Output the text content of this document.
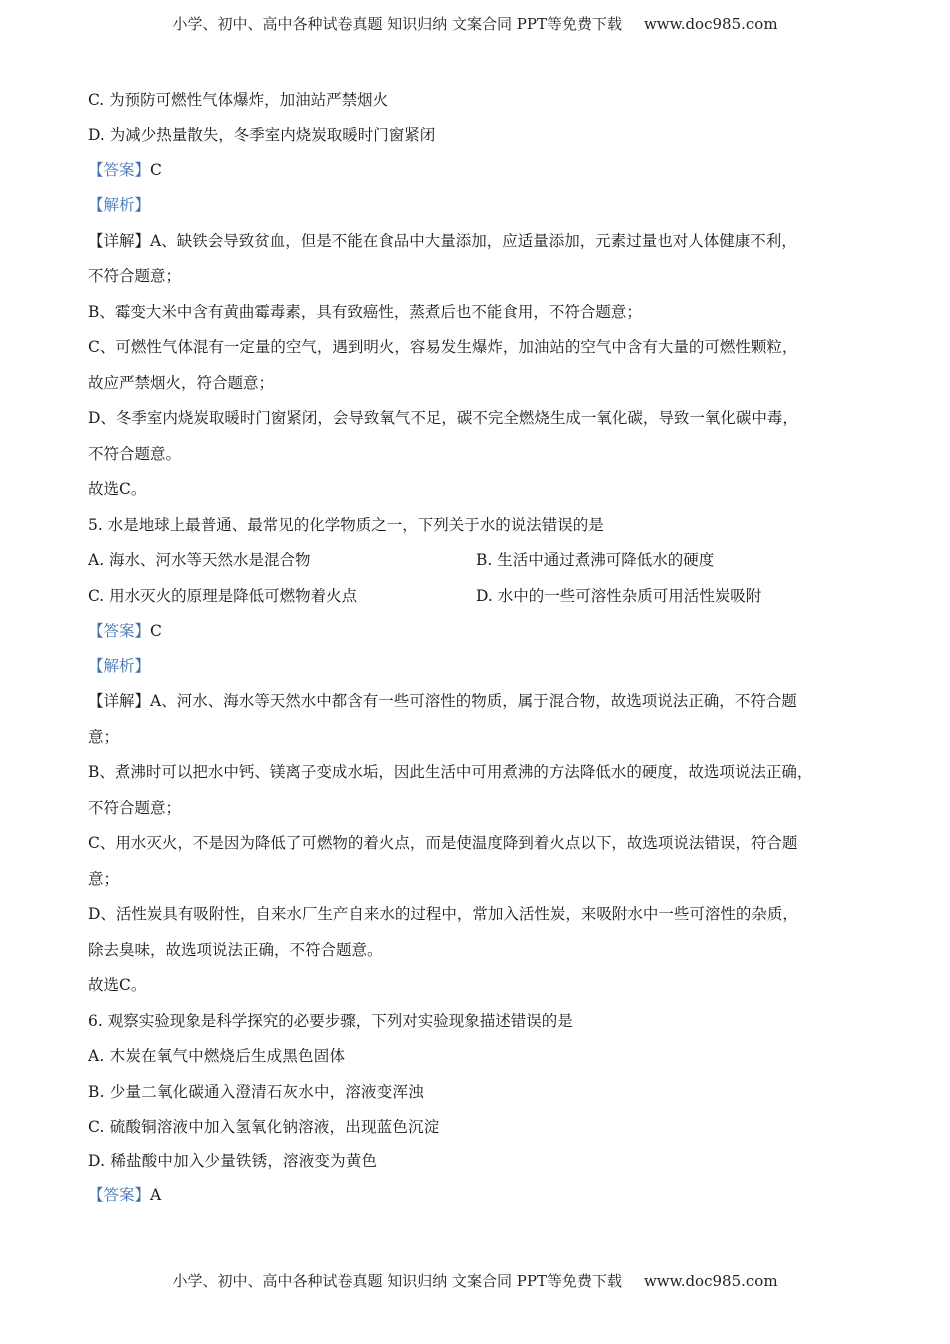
小学、初中、高中各种试卷真题 知识归纳 文案合同 PPT等免费下载 www.doc985.com
C. 为预防可燃性气体爆炸，加油站严禁烟火
D. 为减少热量散失，冬季室内烧炭取暖时门窗紧闭
【答案】C
【解析】
【详解】A、缺铁会导致贫血，但是不能在食品中大量添加，应适量添加，元素过量也对人体健康不利，
不符合题意；
B、霉变大米中含有黄曲霉毒素，具有致癌性，蒸煮后也不能食用，不符合题意；
C、可燃性气体混有一定量的空气，遇到明火，容易发生爆炸，加油站的空气中含有大量的可燃性颗粒，
故应严禁烟火，符合题意；
D、冬季室内烧炭取暖时门窗紧闭，会导致氧气不足，碳不完全燃烧生成一氧化碳，导致一氧化碳中毒，
不符合题意。
故选C。
5. 水是地球上最普通、最常见的化学物质之一，下列关于水的说法错误的是
A. 海水、河水等天然水是混合物	B. 生活中通过煮沸可降低水的硬度
C. 用水灭火的原理是降低可燃物着火点	D. 水中的一些可溶性杂质可用活性炭吸附
【答案】C
【解析】
【详解】A、河水、海水等天然水中都含有一些可溶性的物质，属于混合物，故选项说法正确，不符合题
意；
B、煮沸时可以把水中钙、镁离子变成水垢，因此生活中可用煮沸的方法降低水的硬度，故选项说法正确，
不符合题意；
C、用水灭火，不是因为降低了可燃物的着火点，而是使温度降到着火点以下，故选项说法错误，符合题
意；
D、活性炭具有吸附性，自来水厂生产自来水的过程中，常加入活性炭，来吸附水中一些可溶性的杂质，
除去臭味，故选项说法正确，不符合题意。
故选C。
6. 观察实验现象是科学探究的必要步骤，下列对实验现象描述错误的是
A. 木炭在氧气中燃烧后生成黑色固体
B. 少量二氧化碳通入澄清石灰水中，溶液变浑浊
C. 硫酸铜溶液中加入氢氧化钠溶液，出现蓝色沉淀
D. 稀盐酸中加入少量铁锈，溶液变为黄色
【答案】A
小学、初中、高中各种试卷真题 知识归纳 文案合同 PPT等免费下载 www.doc985.com
